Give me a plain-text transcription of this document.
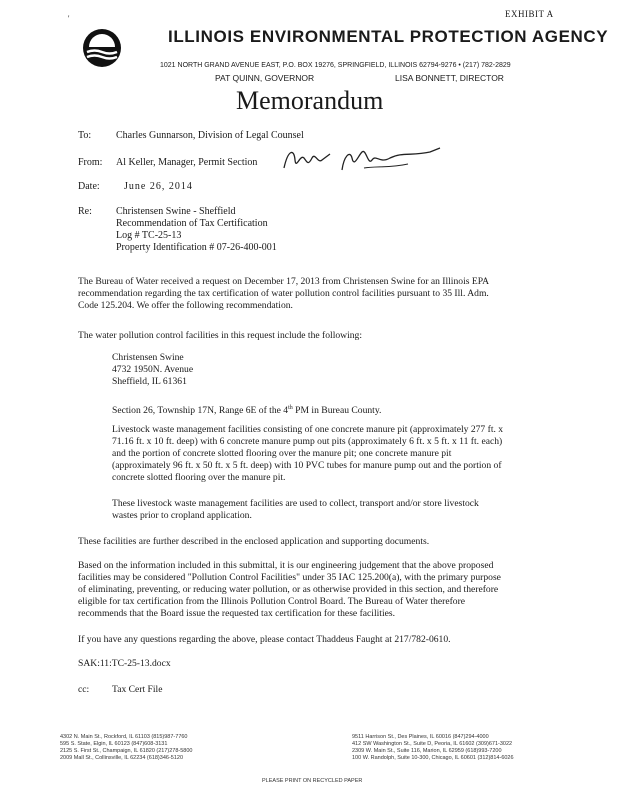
EXHIBIT A
'
ILLINOIS ENVIRONMENTAL PROTECTION AGENCY
1021 NORTH GRAND AVENUE EAST, P.O. BOX 19276, SPRINGFIELD, ILLINOIS 62794-9276 • (217) 782-2829
PAT QUINN, GOVERNOR	LISA BONNETT, DIRECTOR
Memorandum
To: Charles Gunnarson, Division of Legal Counsel
From: Al Keller, Manager, Permit Section
Date: June 26, 2014
Re: Christensen Swine - Sheffield
Recommendation of Tax Certification
Log # TC-25-13
Property Identification # 07-26-400-001
The Bureau of Water received a request on December 17, 2013 from Christensen Swine for an Illinois EPA
recommendation regarding the tax certification of water pollution control facilities pursuant to 35 Ill. Adm.
Code 125.204. We offer the following recommendation.
The water pollution control facilities in this request include the following:
Christensen Swine
4732 1950N. Avenue
Sheffield, IL 61361
Section 26, Township 17N, Range 6E of the 4th PM in Bureau County.
Livestock waste management facilities consisting of one concrete manure pit (approximately 277 ft. x
71.16 ft. x 10 ft. deep) with 6 concrete manure pump out pits (approximately 6 ft. x 5 ft. x 11 ft. each)
and the portion of concrete slotted flooring over the manure pit; one concrete manure pit
(approximately 96 ft. x 50 ft. x 5 ft. deep) with 10 PVC tubes for manure pump out and the portion of
concrete slotted flooring over the manure pit.
These livestock waste management facilities are used to collect, transport and/or store livestock
wastes prior to cropland application.
These facilities are further described in the enclosed application and supporting documents.
Based on the information included in this submittal, it is our engineering judgement that the above proposed
facilities may be considered "Pollution Control Facilities" under 35 IAC 125.200(a), with the primary purpose
of eliminating, preventing, or reducing water pollution, or as otherwise provided in this section, and therefore
eligible for tax certification from the Illinois Pollution Control Board. The Bureau of Water therefore
recommends that the Board issue the requested tax certification for these facilities.
If you have any questions regarding the above, please contact Thaddeus Faught at 217/782-0610.
SAK:11:TC-25-13.docx
cc: Tax Cert File
4302 N. Main St., Rockford, IL 61103 (815)987-7760
595 S. State, Elgin, IL 60123 (847)608-3131
2125 S. First St., Champaign, IL 61820 (217)278-5800
2009 Mall St., Collinsville, IL 62234 (618)346-5120
9511 Harrison St., Des Plaines, IL 60016 (847)294-4000
412 SW Washington St., Suite D, Peoria, IL 61602 (309)671-3022
2309 W. Main St., Suite 116, Marion, IL 62959 (618)993-7200
100 W. Randolph, Suite 10-300, Chicago, IL 60601 (312)814-6026
PLEASE PRINT ON RECYCLED PAPER
